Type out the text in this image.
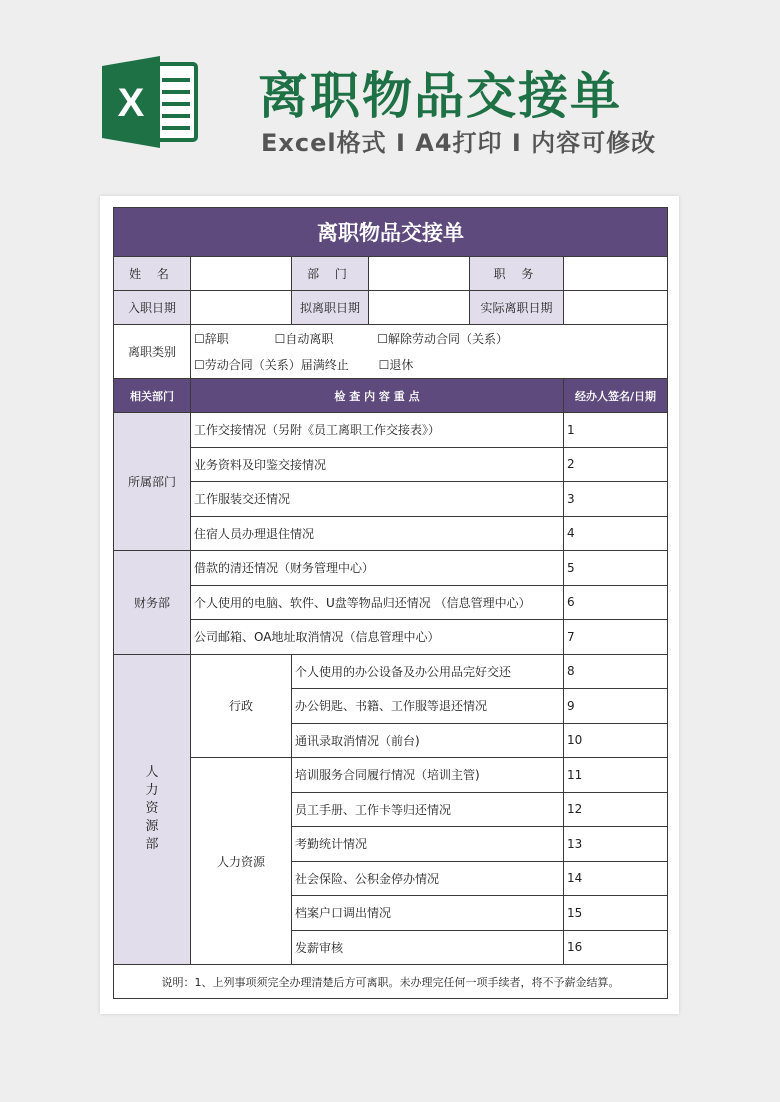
X 离职物品交接单
Excel格式 I A4打印 I 内容可修改
离职物品交接单					
姓 名		部 门		职 务	
入职日期		拟离职日期		实际离职日期	
离职类别	☐辞职 ☐自动离职 ☐解除劳动合同（关系）
☐劳动合同（关系）届满终止 ☐退休				

相关部门	检 查 内 容 重 点				经办人签名/日期
所属部门	工作交接情况（另附《员工离职工作交接表》）				1
	业务资料及印鉴交接情况				2
	工作服装交还情况				3
	住宿人员办理退住情况				4
财务部	借款的清还情况（财务管理中心）				5
	个人使用的电脑、软件、U盘等物品归还情况 （信息管理中心）				6
	公司邮箱、OA地址取消情况（信息管理中心）				7
人
力
资
源
部	行政	个人使用的办公设备及办公用品完好交还			8
		办公钥匙、书籍、工作服等退还情况			9
		通讯录取消情况（前台)			10
	人力资源	培训服务合同履行情况（培训主管)			11
		员工手册、工作卡等归还情况			12
		考勤统计情况			13
		社会保险、公积金停办情况			14
		档案户口调出情况			15
		发薪审核			16
说明：1、上列事项须完全办理清楚后方可离职。未办理完任何一项手续者，将不予薪金结算。					
